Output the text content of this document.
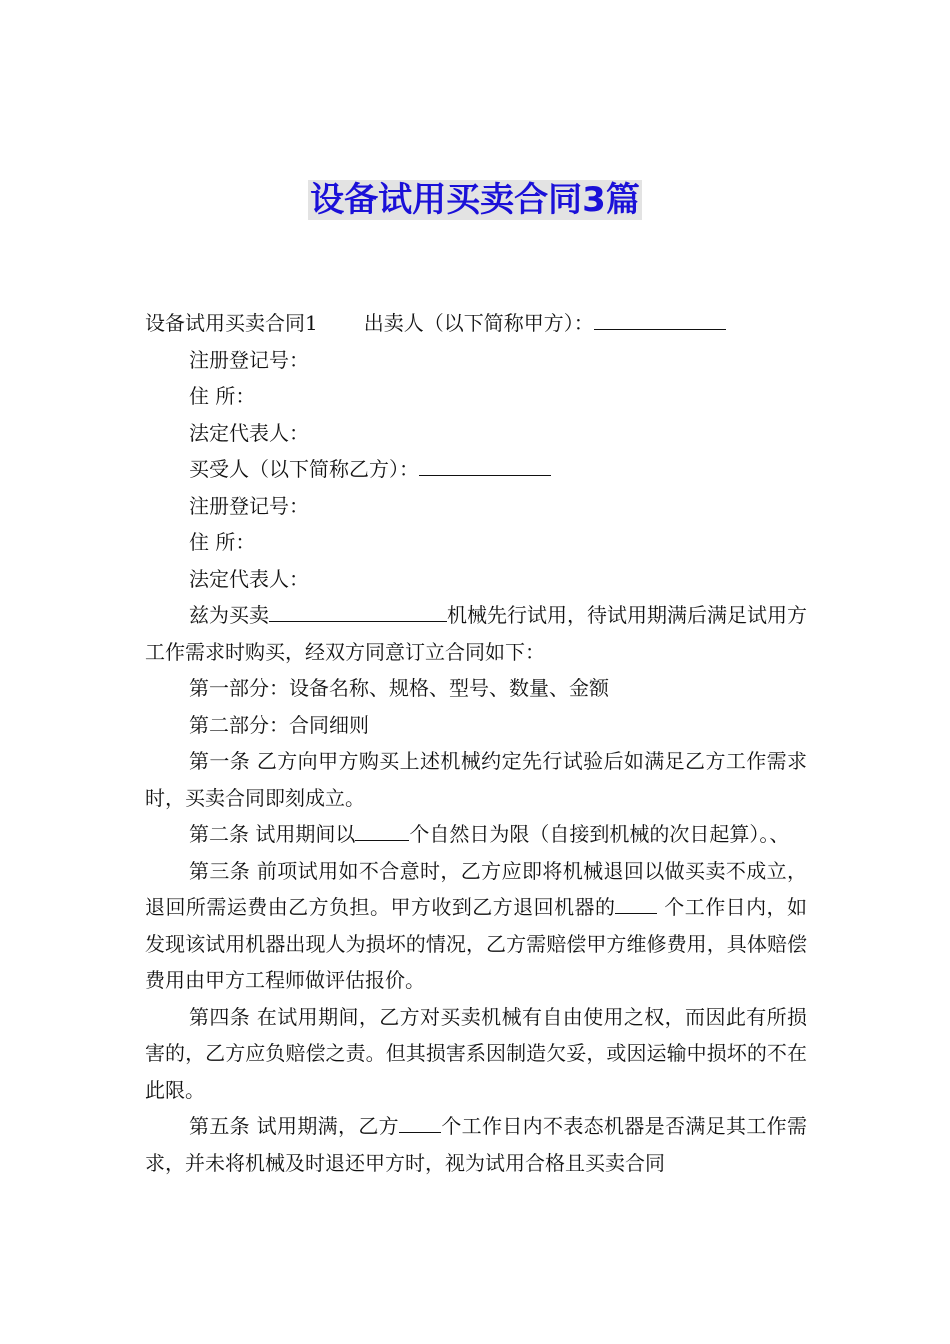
设备试用买卖合同3篇

设备试用买卖合同1 出卖人（以下简称甲方）：

注册登记号：

住 所：

法定代表人：

买受人（以下简称乙方）：

注册登记号：

住 所：

法定代表人：

兹为买卖	机械先行试用，待试用期满后满足试用方工作需求时购买，经双方同意订立合同如下：

第一部分：设备名称、规格、型号、数量、金额

第二部分：合同细则

第一条 乙方向甲方购买上述机械约定先行试验后如满足乙方工作需求时，买卖合同即刻成立。

第二条 试用期间以	个自然日为限（自接到机械的次日起算）。、

第三条 前项试用如不合意时，乙方应即将机械退回以做买卖不成立，退回所需运费由乙方负担。甲方收到乙方退回机器的 个工作日内，如发现该试用机器出现人为损坏的情况，乙方需赔偿甲方维修费用，具体赔偿费用由甲方工程师做评估报价。

第四条 在试用期间，乙方对买卖机械有自由使用之权，而因此有所损害的，乙方应负赔偿之责。但其损害系因制造欠妥，或因运输中损坏的不在此限。

第五条 试用期满，乙方 个工作日内不表态机器是否满足其工作需求，并未将机械及时退还甲方时，视为试用合格且买卖合同
